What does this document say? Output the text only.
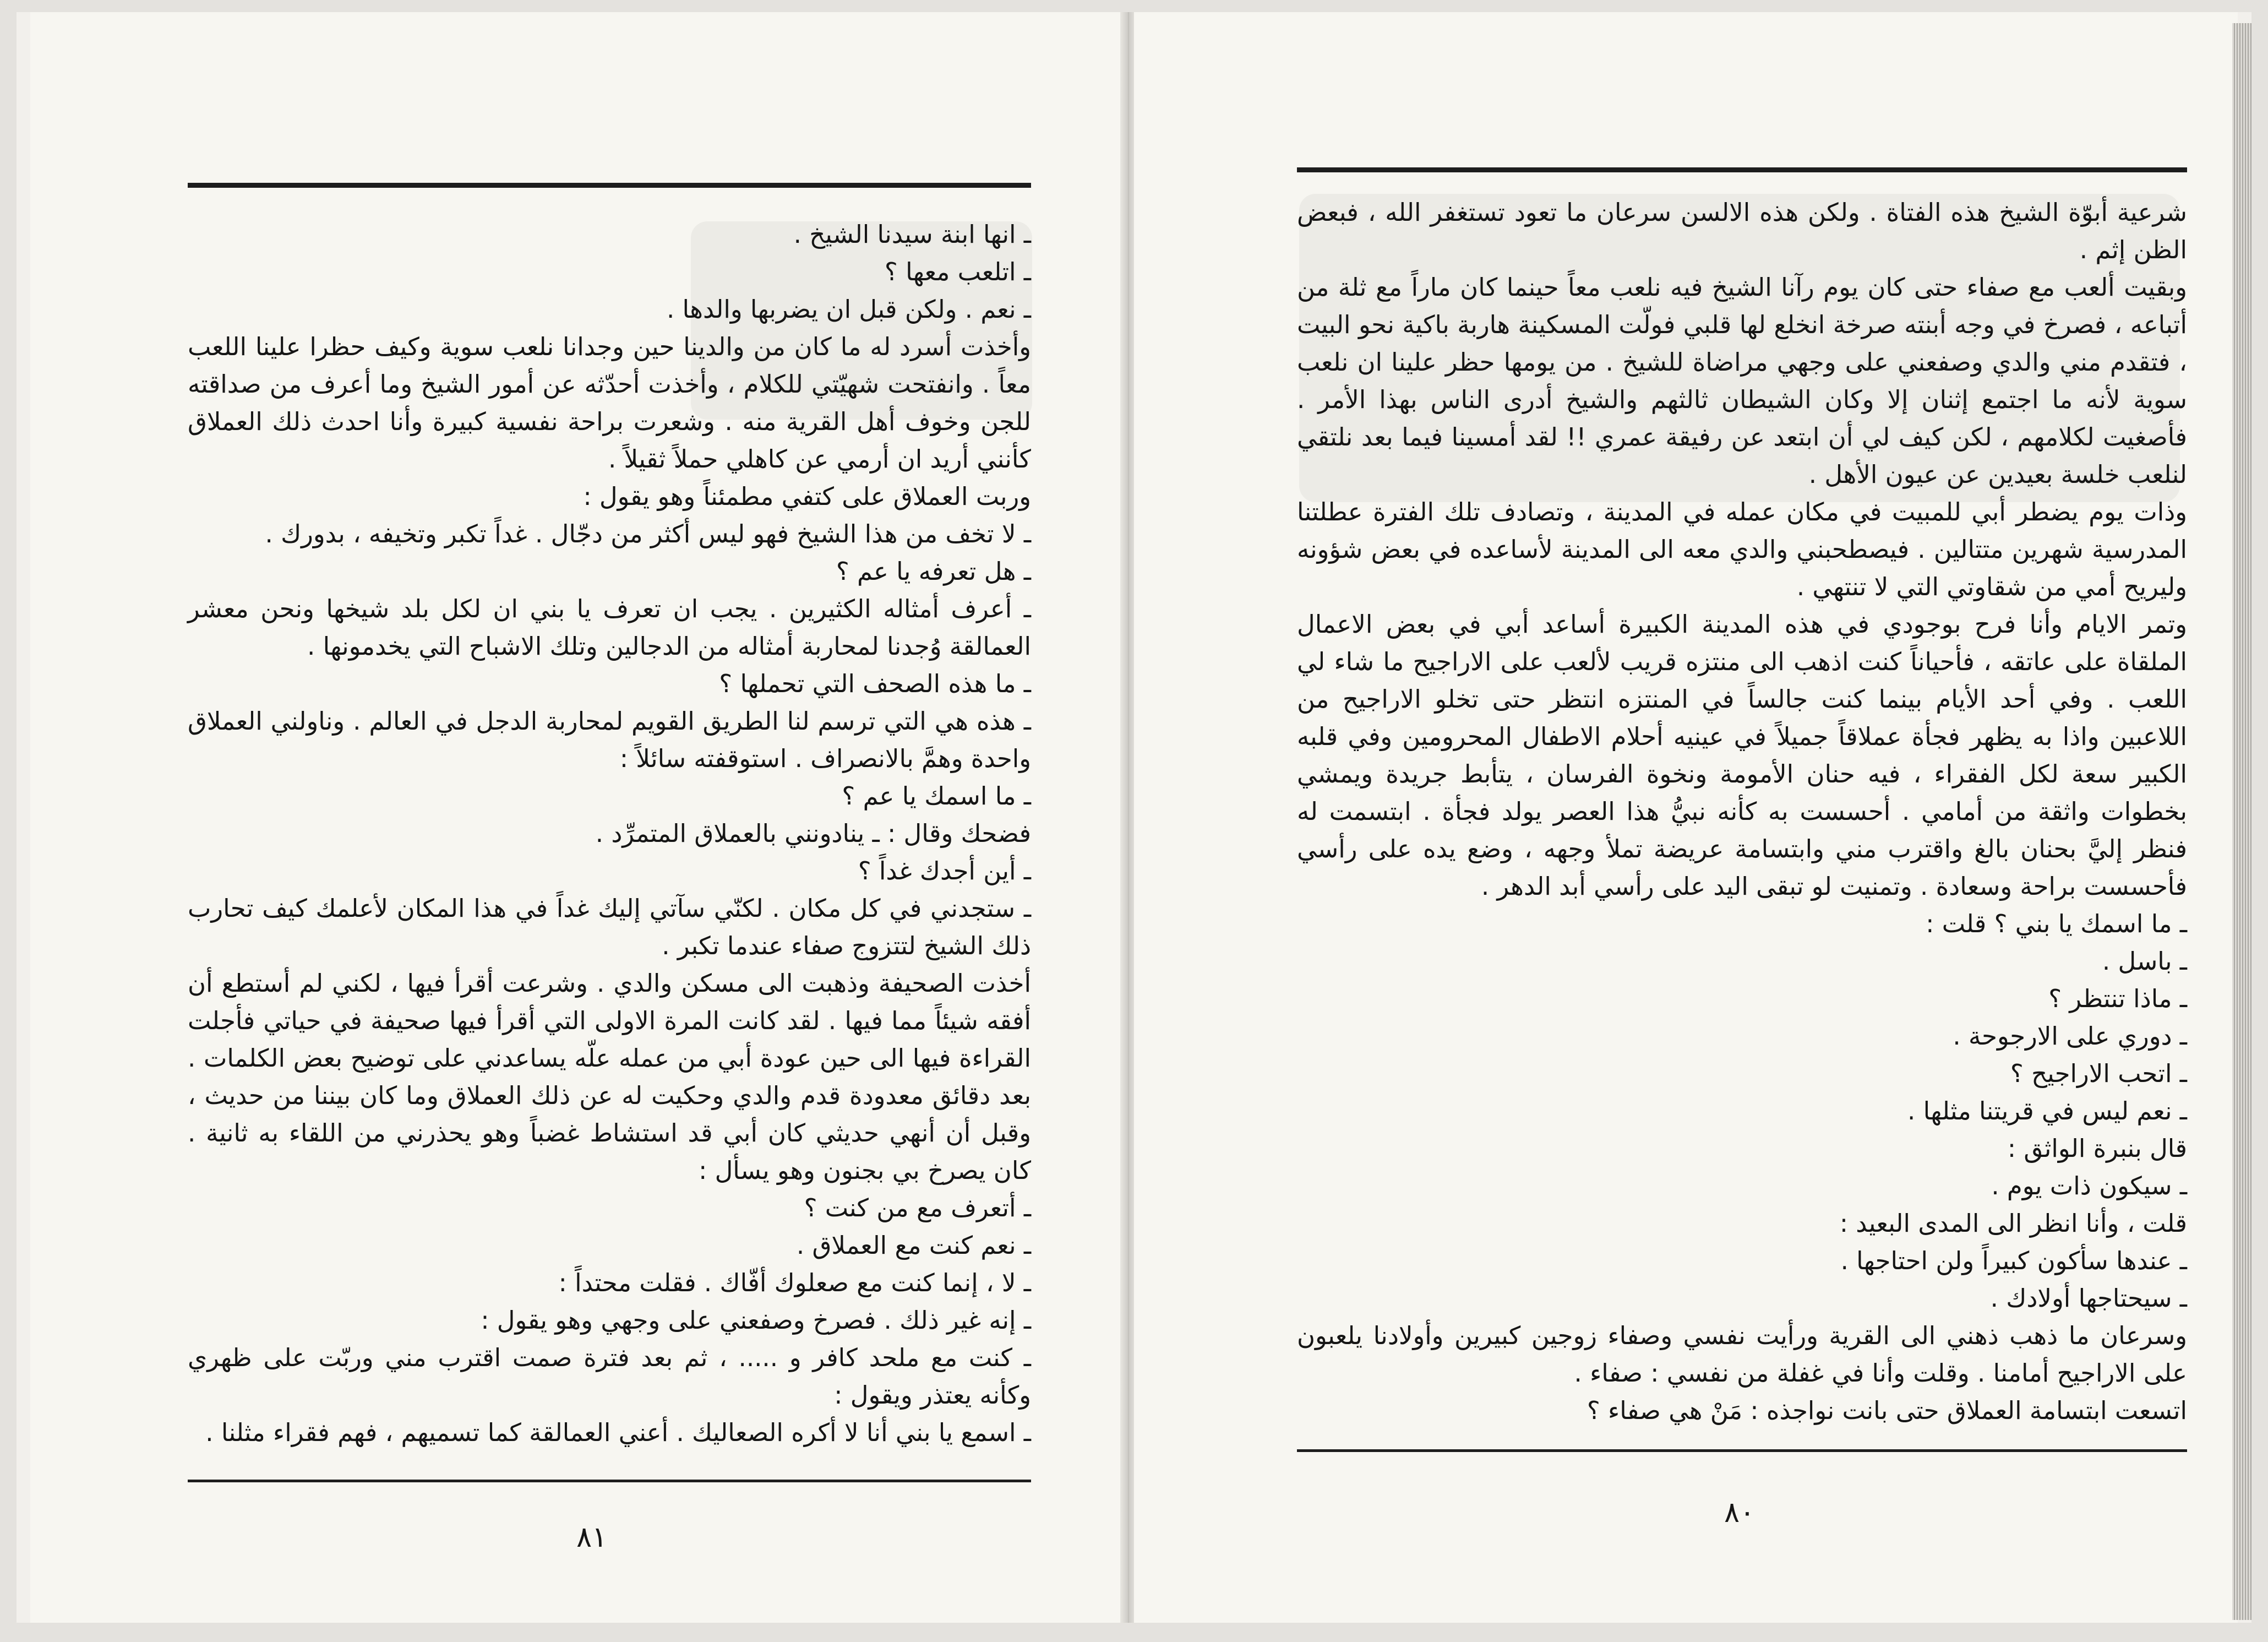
ـ انها ابنة سيدنا الشيخ .

ـ اتلعب معها ؟

ـ نعم . ولكن قبل ان يضربها والدها .

وأخذت أسرد له ما كان من والدينا حين وجدانا نلعب سوية وكيف حظرا علينا اللعب معاً . وانفتحت شهيّتي للكلام ، وأخذت أحدّثه عن أمور الشيخ وما أعرف من صداقته للجن وخوف أهل القرية منه . وشعرت براحة نفسية كبيرة وأنا احدث ذلك العملاق كأنني أريد ان أرمي عن كاهلي حملاً ثقيلاً .

وربت العملاق على كتفي مطمئناً وهو يقول :

ـ لا تخف من هذا الشيخ فهو ليس أكثر من دجّال . غداً تكبر وتخيفه ، بدورك .

ـ هل تعرفه يا عم ؟

ـ أعرف أمثاله الكثيرين . يجب ان تعرف يا بني ان لكل بلد شيخها ونحن معشر العمالقة وُجدنا لمحاربة أمثاله من الدجالين وتلك الاشباح التي يخدمونها .

ـ ما هذه الصحف التي تحملها ؟

ـ هذه هي التي ترسم لنا الطريق القويم لمحاربة الدجل في العالم . وناولني العملاق واحدة وهمَّ بالانصراف . استوقفته سائلاً :

ـ ما اسمك يا عم ؟

فضحك وقال : ـ ينادونني بالعملاق المتمرِّد .

ـ أين أجدك غداً ؟

ـ ستجدني في كل مكان . لكنّي سآتي إليك غداً في هذا المكان لأعلمك كيف تحارب ذلك الشيخ لتتزوج صفاء عندما تكبر .

أخذت الصحيفة وذهبت الى مسكن والدي . وشرعت أقرأ فيها ، لكني لم أستطع أن أفقه شيئاً مما فيها . لقد كانت المرة الاولى التي أقرأ فيها صحيفة في حياتي فأجلت القراءة فيها الى حين عودة أبي من عمله علّه يساعدني على توضيح بعض الكلمات . بعد دقائق معدودة قدم والدي وحكيت له عن ذلك العملاق وما كان بيننا من حديث ، وقبل أن أنهي حديثي كان أبي قد استشاط غضباً وهو يحذرني من اللقاء به ثانية . كان يصرخ بي بجنون وهو يسأل :

ـ أتعرف مع من كنت ؟

ـ نعم كنت مع العملاق .

ـ لا ، إنما كنت مع صعلوك أفّاك . فقلت محتداً :

ـ إنه غير ذلك . فصرخ وصفعني على وجهي وهو يقول :

ـ كنت مع ملحد كافر و ..... ، ثم بعد فترة صمت اقترب مني وربّت على ظهري وكأنه يعتذر ويقول :

ـ اسمع يا بني أنا لا أكره الصعاليك . أعني العمالقة كما تسميهم ، فهم فقراء مثلنا .

٨١

شرعية أبوّة الشيخ هذه الفتاة . ولكن هذه الالسن سرعان ما تعود تستغفر الله ، فبعض الظن إثم .

وبقيت ألعب مع صفاء حتى كان يوم رآنا الشيخ فيه نلعب معاً حينما كان ماراً مع ثلة من أتباعه ، فصرخ في وجه أبنته صرخة انخلع لها قلبي فولّت المسكينة هاربة باكية نحو البيت ، فتقدم مني والدي وصفعني على وجهي مراضاة للشيخ . من يومها حظر علينا ان نلعب سوية لأنه ما اجتمع إثنان إلا وكان الشيطان ثالثهم والشيخ أدرى الناس بهذا الأمر . فأصغيت لكلامهم ، لكن كيف لي أن ابتعد عن رفيقة عمري !! لقد أمسينا فيما بعد نلتقي لنلعب خلسة بعيدين عن عيون الأهل .

وذات يوم يضطر أبي للمبيت في مكان عمله في المدينة ، وتصادف تلك الفترة عطلتنا المدرسية شهرين متتالين . فيصطحبني والدي معه الى المدينة لأساعده في بعض شؤونه وليريح أمي من شقاوتي التي لا تنتهي .

وتمر الايام وأنا فرح بوجودي في هذه المدينة الكبيرة أساعد أبي في بعض الاعمال الملقاة على عاتقه ، فأحياناً كنت اذهب الى منتزه قريب لألعب على الاراجيح ما شاء لي اللعب . وفي أحد الأيام بينما كنت جالساً في المنتزه انتظر حتى تخلو الاراجيح من اللاعبين واذا به يظهر فجأة عملاقاً جميلاً في عينيه أحلام الاطفال المحرومين وفي قلبه الكبير سعة لكل الفقراء ، فيه حنان الأمومة ونخوة الفرسان ، يتأبط جريدة ويمشي بخطوات واثقة من أمامي . أحسست به كأنه نبيُّ هذا العصر يولد فجأة . ابتسمت له فنظر إليَّ بحنان بالغ واقترب مني وابتسامة عريضة تملأ وجهه ، وضع يده على رأسي فأحسست براحة وسعادة . وتمنيت لو تبقى اليد على رأسي أبد الدهر .

ـ ما اسمك يا بني ؟ قلت :

ـ باسل .

ـ ماذا تنتظر ؟

ـ دوري على الارجوحة .

ـ اتحب الاراجيح ؟

ـ نعم ليس في قريتنا مثلها .

قال بنبرة الواثق :

ـ سيكون ذات يوم .

قلت ، وأنا انظر الى المدى البعيد :

ـ عندها سأكون كبيراً ولن احتاجها .

ـ سيحتاجها أولادك .

وسرعان ما ذهب ذهني الى القرية ورأيت نفسي وصفاء زوجين كبيرين وأولادنا يلعبون على الاراجيح أمامنا . وقلت وأنا في غفلة من نفسي : صفاء .

اتسعت ابتسامة العملاق حتى بانت نواجذه : مَنْ هي صفاء ؟

٨٠
